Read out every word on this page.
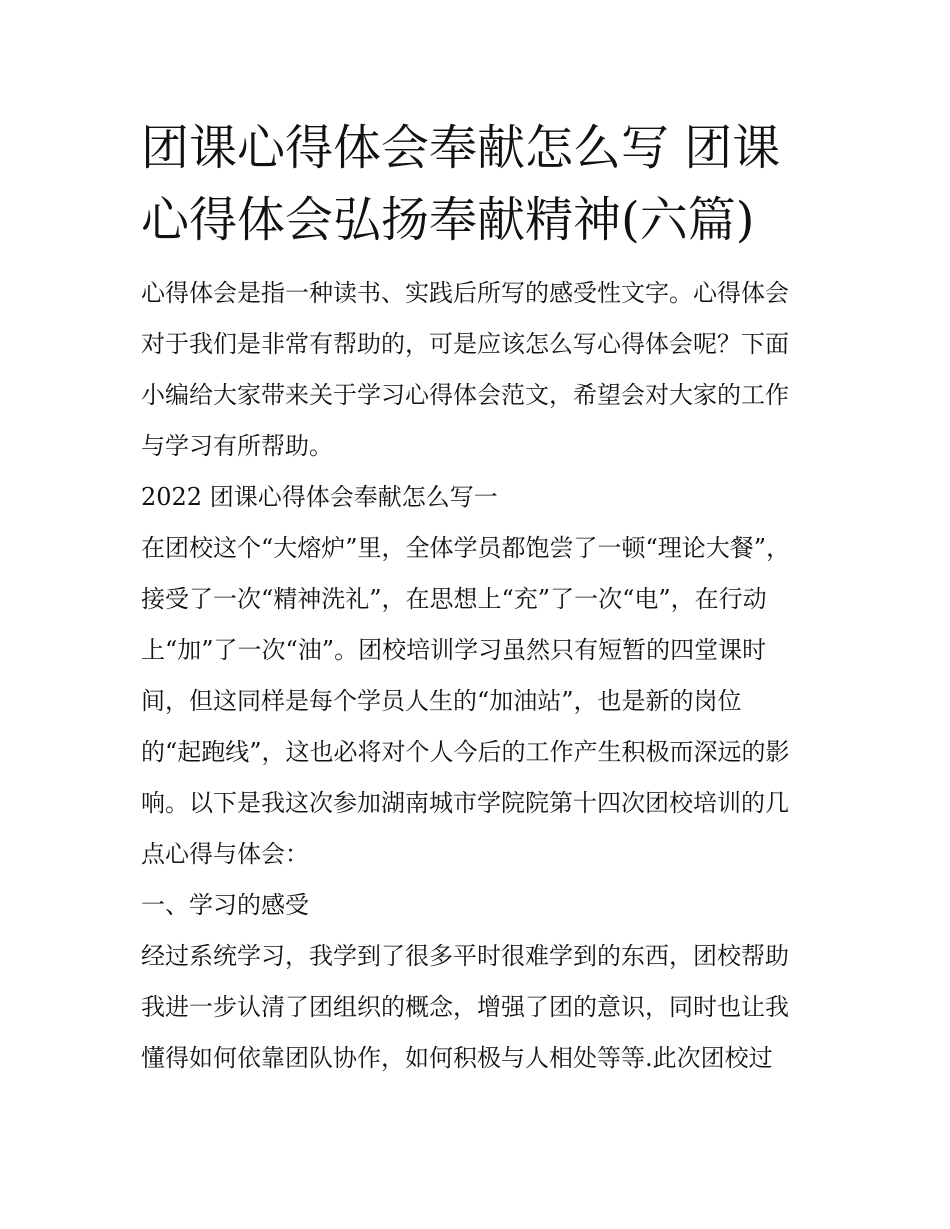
团课心得体会奉献怎么写 团课
心得体会弘扬奉献精神(六篇)
心得体会是指一种读书、实践后所写的感受性文字。心得体会
对于我们是非常有帮助的，可是应该怎么写心得体会呢？下面
小编给大家带来关于学习心得体会范文，希望会对大家的工作
与学习有所帮助。
2022 团课心得体会奉献怎么写一
在团校这个“大熔炉”里，全体学员都饱尝了一顿“理论大餐”，
接受了一次“精神洗礼”，在思想上“充”了一次“电”，在行动
上“加”了一次“油”。团校培训学习虽然只有短暂的四堂课时
间，但这同样是每个学员人生的“加油站”，也是新的岗位
的“起跑线”，这也必将对个人今后的工作产生积极而深远的影
响。以下是我这次参加湖南城市学院院第十四次团校培训的几
点心得与体会：
一、学习的感受
经过系统学习，我学到了很多平时很难学到的东西，团校帮助
我进一步认清了团组织的概念，增强了团的意识，同时也让我
懂得如何依靠团队协作，如何积极与人相处等等.此次团校过
